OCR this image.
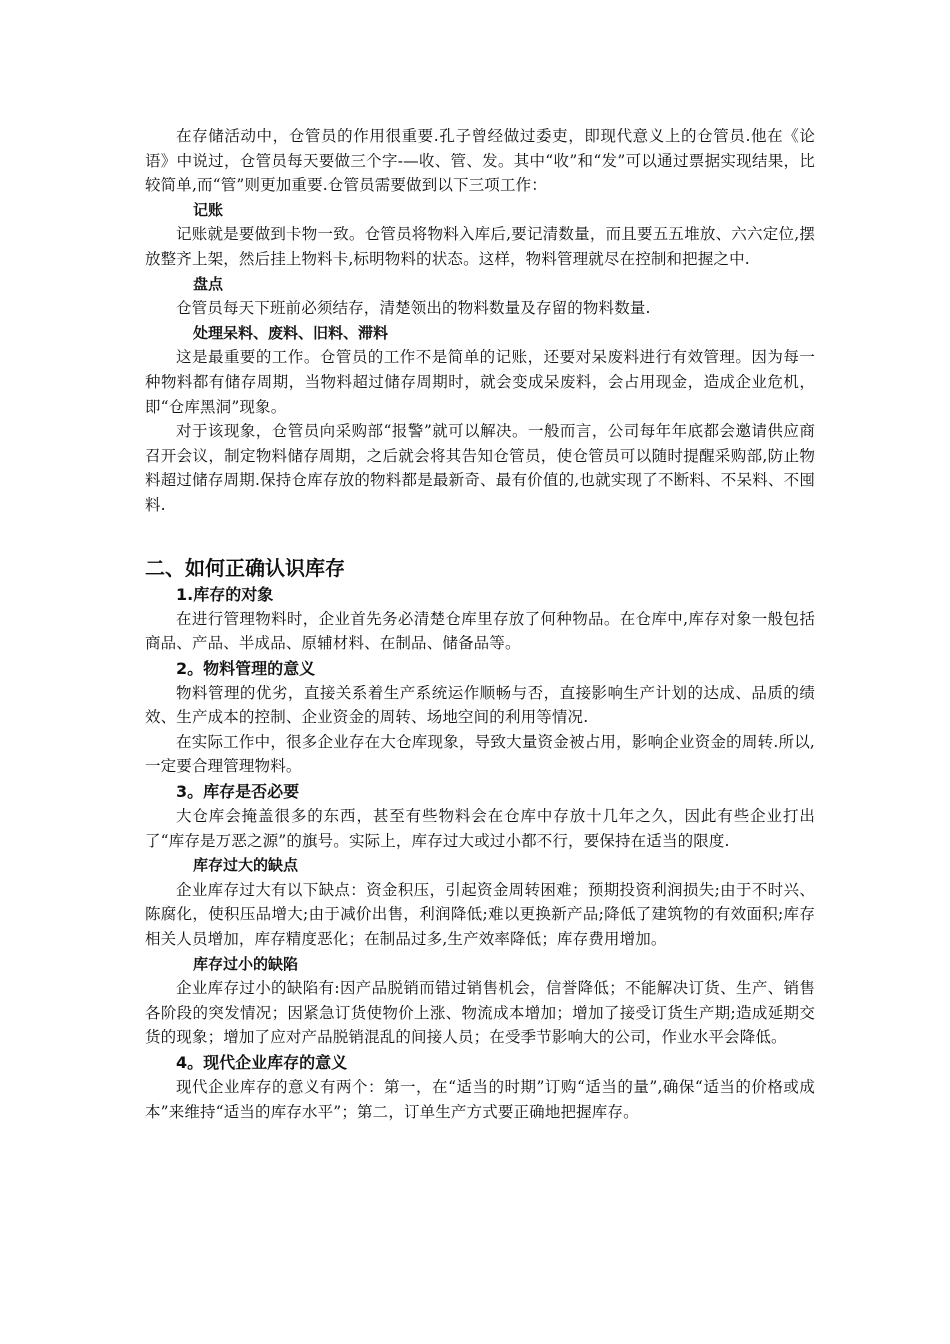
在存储活动中，仓管员的作用很重要.孔子曾经做过委吏，即现代意义上的仓管员.他在《论语》中说过，仓管员每天要做三个字-—收、管、发。其中“收”和“发”可以通过票据实现结果，比较简单,而“管”则更加重要.仓管员需要做到以下三项工作：

记账

记账就是要做到卡物一致。仓管员将物料入库后,要记清数量，而且要五五堆放、六六定位,摆放整齐上架，然后挂上物料卡,标明物料的状态。这样，物料管理就尽在控制和把握之中.

盘点

仓管员每天下班前必须结存，清楚领出的物料数量及存留的物料数量.

处理呆料、废料、旧料、滞料

这是最重要的工作。仓管员的工作不是简单的记账，还要对呆废料进行有效管理。因为每一种物料都有储存周期，当物料超过储存周期时，就会变成呆废料，会占用现金，造成企业危机，即“仓库黑洞”现象。

对于该现象，仓管员向采购部“报警”就可以解决。一般而言，公司每年年底都会邀请供应商召开会议，制定物料储存周期，之后就会将其告知仓管员，使仓管员可以随时提醒采购部,防止物料超过储存周期.保持仓库存放的物料都是最新奇、最有价值的,也就实现了不断料、不呆料、不囤料.

二、如何正确认识库存
1.库存的对象

在进行管理物料时，企业首先务必清楚仓库里存放了何种物品。在仓库中,库存对象一般包括商品、产品、半成品、原辅材料、在制品、储备品等。

2。物料管理的意义

物料管理的优劣，直接关系着生产系统运作顺畅与否，直接影响生产计划的达成、品质的绩效、生产成本的控制、企业资金的周转、场地空间的利用等情况.

在实际工作中，很多企业存在大仓库现象，导致大量资金被占用，影响企业资金的周转.所以,一定要合理管理物料。

3。库存是否必要

大仓库会掩盖很多的东西，甚至有些物料会在仓库中存放十几年之久，因此有些企业打出了“库存是万恶之源”的旗号。实际上，库存过大或过小都不行，要保持在适当的限度.

库存过大的缺点

企业库存过大有以下缺点：资金积压，引起资金周转困难；预期投资利润损失;由于不时兴、陈腐化，使积压品增大;由于减价出售，利润降低;难以更换新产品;降低了建筑物的有效面积;库存相关人员增加，库存精度恶化；在制品过多,生产效率降低；库存费用增加。

库存过小的缺陷

企业库存过小的缺陷有:因产品脱销而错过销售机会，信誉降低；不能解决订货、生产、销售各阶段的突发情况；因紧急订货使物价上涨、物流成本增加；增加了接受订货生产期;造成延期交货的现象；增加了应对产品脱销混乱的间接人员；在受季节影响大的公司，作业水平会降低。

4。现代企业库存的意义

现代企业库存的意义有两个：第一，在“适当的时期”订购“适当的量”,确保“适当的价格或成本”来维持“适当的库存水平”；第二，订单生产方式要正确地把握库存。
